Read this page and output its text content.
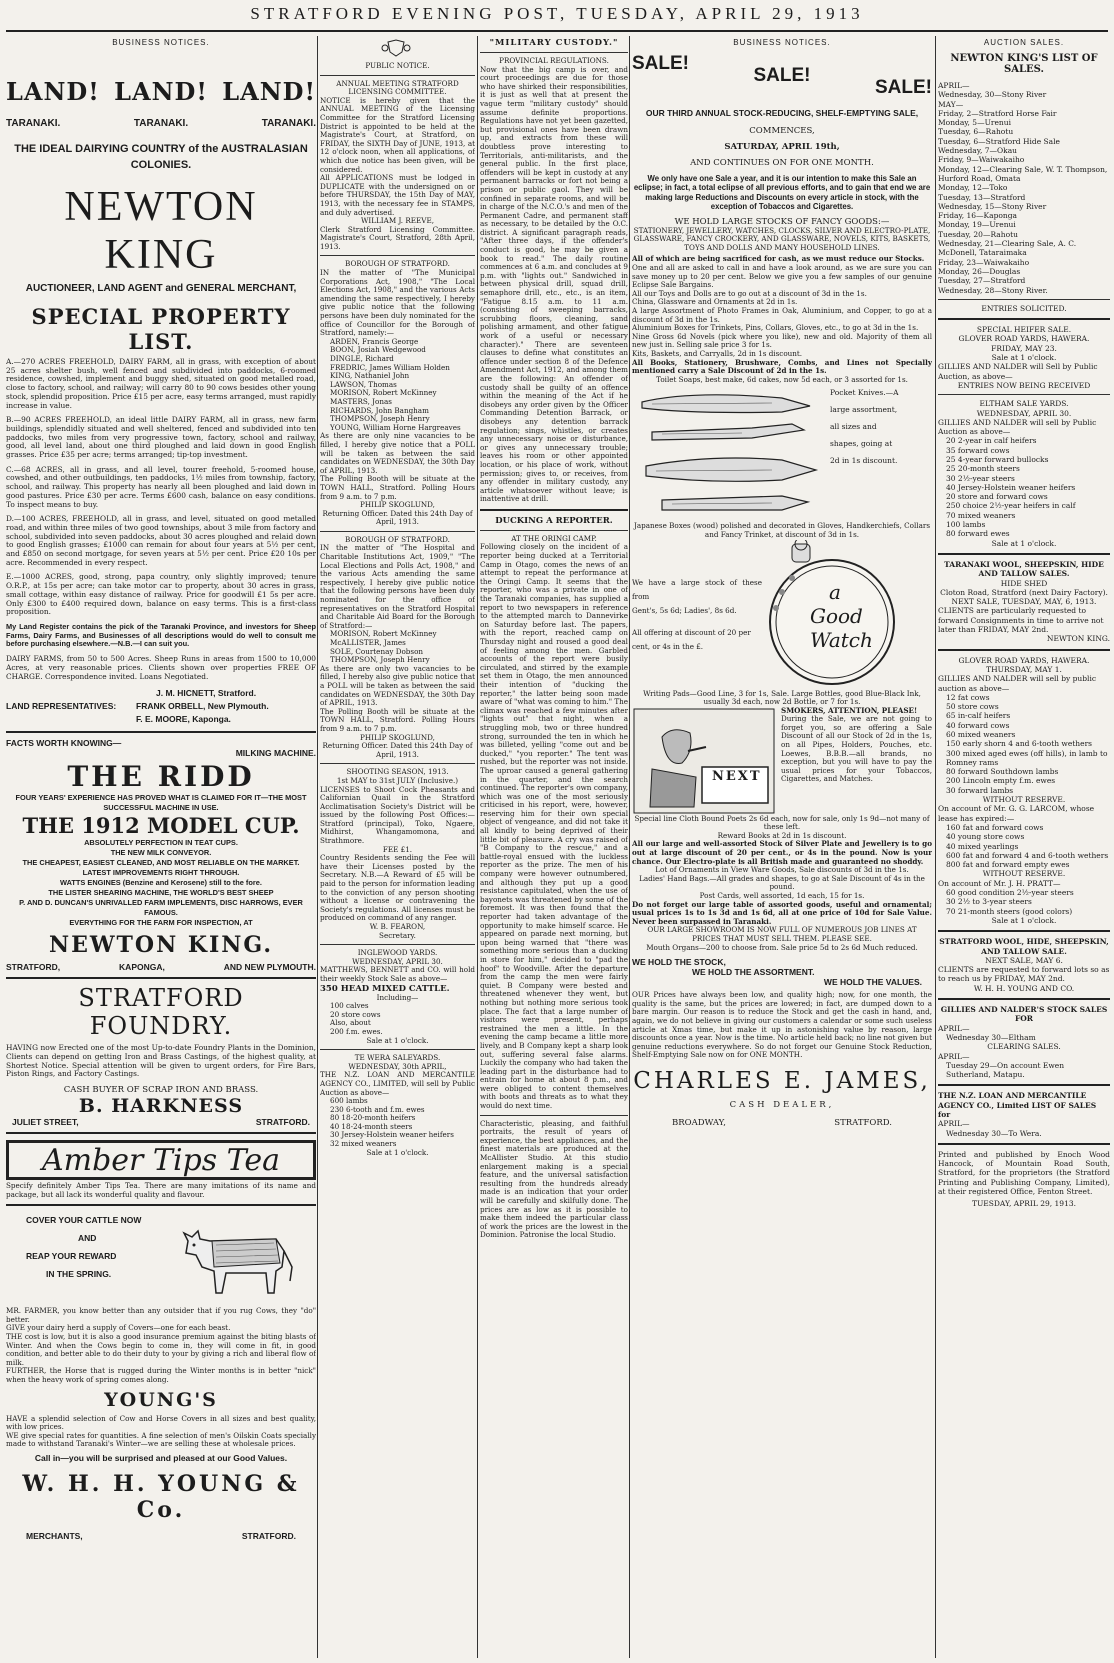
STRATFORD EVENING POST, TUESDAY, APRIL 29, 1913
BUSINESS NOTICES.
LAND! LAND! LAND!
TARANAKI.	TARANAKI.	TARANAKI.
THE IDEAL DAIRYING COUNTRY of the AUSTRALASIAN COLONIES.
NEWTON KING
AUCTIONEER, LAND AGENT and GENERAL MERCHANT,
SPECIAL PROPERTY LIST.
A.—270 ACRES FREEHOLD, DAIRY FARM, all in grass, with exception of about 25 acres shelter bush, well fenced and subdivided into paddocks, 6-roomed residence, cowshed, implement and buggy shed, situated on good metalled road, close to factory, school, and railway; will carry 80 to 90 cows besides other young stock, splendid proposition. Price £15 per acre, easy terms arranged, must rapidly increase in value.
B.—90 ACRES FREEHOLD, an ideal little DAIRY FARM, all in grass, new farm buildings, splendidly situated and well sheltered, fenced and subdivided into ten paddocks, two miles from very progressive town, factory, school and railway, good, all level land, about one third ploughed and laid down in good English grasses. Price £35 per acre; terms arranged; tip-top investment.
C.—68 ACRES, all in grass, and all level, tourer freehold, 5-roomed house, cowshed, and other outbuildings, ten paddocks, 1½ miles from township, factory, school, and railway. This property has nearly all been ploughed and laid down in good pastures. Price £30 per acre. Terms £600 cash, balance on easy conditions. To inspect means to buy.
D.—100 ACRES, FREEHOLD, all in grass, and level, situated on good metalled road, and within three miles of two good townships, about 3 mile from factory and school, subdivided into seven paddocks, about 30 acres ploughed and relaid down to good English grasses; £1000 can remain for about four years at 5½ per cent, and £850 on second mortgage, for seven years at 5½ per cent. Price £20 10s per acre. Recommended in every respect.
E.—1000 ACRES, good, strong, papa country, only slightly improved; tenure O.R.P., at 15s per acre; can take motor car to property, about 30 acres in grass, small cottage, within easy distance of railway. Price for goodwill £1 5s per acre. Only £300 to £400 required down, balance on easy terms. This is a first-class proposition.
My Land Register contains the pick of the Taranaki Province, and investors for Sheep Farms, Dairy Farms, and Businesses of all descriptions would do well to consult me before purchasing elsewhere.—N.B.—I can suit you.
DAIRY FARMS, from 50 to 500 Acres. Sheep Runs in areas from 1500 to 10,000 Acres, at very reasonable prices. Clients shown over properties FREE OF CHARGE. Correspondence invited. Loans Negotiated.
LAND REPRESENTATIVES:
J. M. HICNETT, Stratford.
FRANK ORBELL, New Plymouth.
F. E. MOORE, Kaponga.
FACTS WORTH KNOWING—
MILKING MACHINE.
THE RIDD
FOUR YEARS' EXPERIENCE HAS PROVED WHAT IS CLAIMED FOR IT—THE MOST SUCCESSFUL MACHINE IN USE.
THE 1912 MODEL CUP.
ABSOLUTELY PERFECTION IN TEAT CUPS.
THE NEW MILK CONVEYOR.
THE CHEAPEST, EASIEST CLEANED, AND MOST RELIABLE ON THE MARKET.
LATEST IMPROVEMENTS RIGHT THROUGH.
WATTS ENGINES (Benzine and Kerosene) still to the fore.
THE LISTER SHEARING MACHINE, THE WORLD'S BEST SHEEP
P. AND D. DUNCAN'S UNRIVALLED FARM IMPLEMENTS, DISC HARROWS, EVER FAMOUS.
EVERYTHING FOR THE FARM FOR INSPECTION, AT
NEWTON KING.
STRATFORD,	KAPONGA,	AND NEW PLYMOUTH.
STRATFORD FOUNDRY.
HAVING now Erected one of the most Up-to-date Foundry Plants in the Dominion, Clients can depend on getting Iron and Brass Castings, of the highest quality, at Shortest Notice. Special attention will be given to urgent orders, for Fire Bars, Piston Rings, and Factory Castings.
CASH BUYER OF SCRAP IRON AND BRASS.
B. HARKNESS
JULIET STREET,	STRATFORD.
Amber Tips Tea
Specify definitely Amber Tips Tea. There are many imitations of its name and package, but all lack its wonderful quality and flavour.
COVER YOUR CATTLE NOW
AND
REAP YOUR REWARD
IN THE SPRING.
MR. FARMER, you know better than any outsider that if you rug Cows, they "do" better.
GIVE your dairy herd a supply of Covers—one for each beast.
THE cost is low, but it is also a good insurance premium against the biting blasts of Winter. And when the Cows begin to come in, they will come in fit, in good condition, and better able to do their duty to your by giving a rich and liberal flow of milk.
FURTHER, the Horse that is rugged during the Winter months is in better "nick" when the heavy work of spring comes along.
YOUNG'S
HAVE a splendid selection of Cow and Horse Covers in all sizes and best quality, with low prices.
WE give special rates for quantities. A fine selection of men's Oilskin Coats specially made to withstand Taranaki's Winter—we are selling these at wholesale prices.
Call in—you will be surprised and pleased at our Good Values.
W. H. H. YOUNG & Co.
MERCHANTS,	STRATFORD.
PUBLIC NOTICE.
ANNUAL MEETING STRATFORD LICENSING COMMITTEE.
NOTICE is hereby given that the ANNUAL MEETING of the Licensing Committee for the Stratford Licensing District is appointed to be held at the Magistrate's Court, at Stratford, on FRIDAY, the SIXTH Day of JUNE, 1913, at 12 o'clock noon, when all applications, of which due notice has been given, will be considered.
All APPLICATIONS must be lodged in DUPLICATE with the undersigned on or before THURSDAY, the 15th Day of MAY, 1913, with the necessary fee in STAMPS, and duly advertised.
WILLIAM J. REEVE,
Clerk Stratford Licensing Committee. Magistrate's Court, Stratford, 28th April, 1913.
BOROUGH OF STRATFORD.
IN the matter of "The Municipal Corporations Act, 1908," "The Local Elections Act, 1908," and the various Acts amending the same respectively, I hereby give public notice that the following persons have been duly nominated for the office of Councillor for the Borough of Stratford, namely:—
ARDEN, Francis George
BOON, Josiah Wedgewood
DINGLE, Richard
FREDRIC, James William Holden
KING, Nathaniel John
LAWSON, Thomas
MORISON, Robert McKinney
MASTERS, Jonas
RICHARDS, John Bangham
THOMPSON, Joseph Henry
YOUNG, William Horne Hargreaves
As there are only nine vacancies to be filled, I hereby give notice that a POLL will be taken as between the said candidates on WEDNESDAY, the 30th Day of APRIL, 1913.
The Polling Booth will be situate at the TOWN HALL, Stratford. Polling Hours from 9 a.m. to 7 p.m.
PHILIP SKOGLUND,
Returning Officer. Dated this 24th Day of April, 1913.
BOROUGH OF STRATFORD.
IN the matter of "The Hospital and Charitable Institutions Act, 1909," "The Local Elections and Polls Act, 1908," and the various Acts amending the same respectively, I hereby give public notice that the following persons have been duly nominated for the office of representatives on the Stratford Hospital and Charitable Aid Board for the Borough of Stratford:—
MORISON, Robert McKinney
McALLISTER, James
SOLE, Courtenay Dobson
THOMPSON, Joseph Henry
As there are only two vacancies to be filled, I hereby also give public notice that a POLL will be taken as between the said candidates on WEDNESDAY, the 30th Day of APRIL, 1913.
The Polling Booth will be situate at the TOWN HALL, Stratford. Polling Hours from 9 a.m. to 7 p.m.
PHILIP SKOGLUND,
Returning Officer. Dated this 24th Day of April, 1913.
SHOOTING SEASON, 1913.
1st MAY to 31st JULY (Inclusive.)
LICENSES to Shoot Cock Pheasants and Californian Quail in the Stratford Acclimatisation Society's District will be issued by the following Post Offices:— Stratford (principal), Toko, Ngaere, Midhirst, Whangamomona, and Strathmore.
FEE £1.
Country Residents sending the Fee will have their Licenses posted by the Secretary. N.B.—A Reward of £5 will be paid to the person for information leading to the conviction of any person shooting without a license or contravening the Society's regulations. All licenses must be produced on command of any ranger.
W. B. FEARON,
Secretary.
INGLEWOOD YARDS.
WEDNESDAY, APRIL 30.
MATTHEWS, BENNETT and CO. will hold their weekly Stock Sale as above—
350 HEAD MIXED CATTLE.
Including—
100 calves
20 store cows
Also, about
200 f.m. ewes.
Sale at 1 o'clock.
TE WERA SALEYARDS.
WEDNESDAY, 30th APRIL,
THE N.Z. LOAN AND MERCANTILE AGENCY CO., LIMITED, will sell by Public Auction as above—
600 lambs
230 6-tooth and f.m. ewes
80 18-20-month heifers
40 18-24-month steers
30 Jersey-Holstein weaner heifers
32 mixed weaners
Sale at 1 o'clock.
"MILITARY CUSTODY."
PROVINCIAL REGULATIONS.
Now that the big camp is over, and court proceedings are due for those who have shirked their responsibilities, it is just as well that at present the vague term "military custody" should assume definite proportions. Regulations have not yet been gazetted, but provisional ones have been drawn up, and extracts from these will doubtless prove interesting to Territorials, anti-militarists, and the general public. In the first place, offenders will be kept in custody at any permanent barracks or fort not being a prison or public gaol. They will be confined in separate rooms, and will be in charge of the N.C.O.'s and men of the Permanent Cadre, and permanent staff as necessary, to be detailed by the O.C. district. A significant paragraph reads, "After three days, if the offender's conduct is good, he may be given a book to read." The daily routine commences at 6 a.m. and concludes at 9 p.m. with "lights out." Sandwiched in between physical drill, squad drill, semaphore drill, etc., etc., is an item, "Fatigue 8.15 a.m. to 11 a.m. (consisting of sweeping barracks, scrubbing floors, cleaning, sand polishing armament, and other fatigue work of a useful or necessary character)." There are seventeen clauses to define what constitutes an offence under section 8 of the Defence Amendment Act, 1912, and among them are the following: An offender of custody shall be guilty of an offence within the meaning of the Act if he disobeys any order given by the Officer Commanding Detention Barrack, or disobeys any detention barrack regulation; sings, whistles, or creates any unnecessary noise or disturbance, or gives any unnecessary trouble; leaves his room or other appointed location, or his place of work, without permission; gives to, or receives, from any offender in military custody, any article whatsoever without leave; is inattentive at drill.
DUCKING A REPORTER.
AT THE ORINGI CAMP.
Following closely on the incident of a reporter being ducked at a Territorial Camp in Otago, comes the news of an attempt to repeat the performance at the Oringi Camp. It seems that the reporter, who was a private in one of the Taranaki companies, has supplied a report to two newspapers in reference to the attempted march to Dannevirke on Saturday before last. The papers, with the report, reached camp on Thursday night and roused a good deal of feeling among the men. Garbled accounts of the report were busily circulated, and stirred by the example set them in Otago, the men announced their intention of "ducking the reporter," the latter being soon made aware of "what was coming to him." The climax was reached a few minutes after "lights out" that night, when a struggling mob, two or three hundred strong, surrounded the ten in which he was billeted, yelling "come out and be ducked," "you reporter." The tent was rushed, but the reporter was not inside. The uproar caused a general gathering in the quarter, and the search continued. The reporter's own company, which was one of the most seriously criticised in his report, were, however, reserving him for their own special object of vengeance, and did not take it all kindly to being deprived of their little bit of pleasure. A cry was raised of "B Company to the rescue," and a battle-royal ensued with the luckless reporter as the prize. The men of his company were however outnumbered, and although they put up a good resistance capitulated, when the use of bayonets was threatened by some of the foremost. It was then found that the reporter had taken advantage of the opportunity to make himself scarce. He appeared on parade next morning, but upon being warned that "there was something more serious than a ducking in store for him," decided to "pad the hoof" to Woodville. After the departure from the camp the men were fairly quiet. B Company were bested and threatened whenever they went, but nothing but nothing more serious took place. The fact that a large number of visitors were present, perhaps restrained the men a little. In the evening the camp became a little more lively, and B Company kept a sharp look out, suffering several false alarms. Luckily the company who had taken the leading part in the disturbance had to entrain for home at about 8 p.m., and were obliged to content themselves with boots and threats as to what they would do next time.
Characteristic, pleasing, and faithful portraits, the result of years of experience, the best appliances, and the finest materials are produced at the McAllister Studio. At this studio enlargement making is a special feature, and the universal satisfaction resulting from the hundreds already made is an indication that your order will be carefully and skilfully done. The prices are as low as it is possible to make them indeed the particular class of work the prices are the lowest in the Dominion. Patronise the local Studio.
BUSINESS NOTICES.
SALE!
SALE!
SALE!
OUR THIRD ANNUAL STOCK-REDUCING, SHELF-EMPTYING SALE,
COMMENCES,
SATURDAY, APRIL 19th,
AND CONTINUES ON FOR ONE MONTH.
We only have one Sale a year, and it is our intention to make this Sale an eclipse; in fact, a total eclipse of all previous efforts, and to gain that end we are making large Reductions and Discounts on every article in stock, with the exception of Tobaccos and Cigarettes.
WE HOLD LARGE STOCKS OF FANCY GOODS:—
STATIONERY, JEWELLERY, WATCHES, CLOCKS, SILVER AND ELECTRO-PLATE, GLASSWARE, FANCY CROCKERY, AND GLASSWARE, NOVELS, KITS, BASKETS, TOYS AND DOLLS AND MANY HOUSEHOLD LINES.
All of which are being sacrificed for cash, as we must reduce our Stocks.
One and all are asked to call in and have a look around, as we are sure you can save money up to 20 per cent. Below we give you a few samples of our genuine Eclipse Sale Bargains.
All our Toys and Dolls are to go out at a discount of 3d in the 1s.
China, Glassware and Ornaments at 2d in 1s.
A large Assortment of Photo Frames in Oak, Aluminium, and Copper, to go at a discount of 3d in the 1s.
Aluminium Boxes for Trinkets, Pins, Collars, Gloves, etc., to go at 3d in the 1s.
Nine Gross 6d Novels (pick where you like), new and old. Majority of them all new just in. Selling sale price 3 for 1s.
Kits, Baskets, and Carryalls, 2d in 1s discount.
All Books, Stationery, Brushware, Combs, and Lines not Specially mentioned carry a Sale Discount of 2d in the 1s.
Toilet Soaps, best make, 6d cakes, now 5d each, or 3 assorted for 1s.
Pocket Knives.—A
large assortment,
all sizes and
shapes, going at
2d in 1s discount.
Japanese Boxes (wood) polished and decorated in Gloves, Handkerchiefs, Collars and Fancy Trinket, at discount of 3d in 1s.
a
Good
Watch
We have a large stock of these from
Gent's, 5s 6d; Ladies', 8s 6d.
All offering at discount of 20 per
cent, or 4s in the £.
Writing Pads—Good Line, 3 for 1s, Sale. Large Bottles, good Blue-Black Ink, usually 3d each, now 2d Bottle, or 7 for 1s.
SMOKERS, ATTENTION, PLEASE!
During the Sale, we are not going to forget you, so are offering a Sale Discount of all our Stock of 2d in the 1s, on all Pipes, Holders, Pouches, etc. Loewes, B.B.B.—all brands, no exception, but you will have to pay the usual prices for your Tobaccos, Cigarettes, and Matches.
NEXT
Special line Cloth Bound Poets 2s 6d each, now for sale, only 1s 9d—not many of these left.
Reward Books at 2d in 1s discount.
All our large and well-assorted Stock of Silver Plate and Jewellery is to go out at large discount of 20 per cent., or 4s in the pound. Now is your chance. Our Electro-plate is all British made and guaranteed no shoddy.
Lot of Ornaments in View Ware Goods, Sale discounts of 3d in the 1s.
Ladies' Hand Bags.—All grades and shapes, to go at Sale Discount of 4s in the pound.
Post Cards, well assorted, 1d each, 15 for 1s.
Do not forget our large table of assorted goods, useful and ornamental; usual prices 1s to 1s 3d and 1s 6d, all at one price of 10d for Sale Value. Never been surpassed in Taranaki.
OUR LARGE SHOWROOM IS NOW FULL OF NUMEROUS JOB LINES AT PRICES THAT MUST SELL THEM. PLEASE SEE.
Mouth Organs—200 to choose from. Sale price 5d to 2s 6d Much reduced.
WE HOLD THE STOCK,
WE HOLD THE ASSORTMENT.
WE HOLD THE VALUES.
OUR Prices have always been low, and quality high; now, for one month, the quality is the same, but the prices are lowered; in fact, are dumped down to a bare margin. Our reason is to reduce the Stock and get the cash in hand, and, again, we do not believe in giving our customers a calendar or some such useless article at Xmas time, but make it up in astonishing value by reason, large discounts once a year. Now is the time. No article held back; no line not given but genuine reductions everywhere. So do not forget our Genuine Stock Reduction, Shelf-Emptying Sale now on for ONE MONTH.
CHARLES E. JAMES,
CASH DEALER,
BROADWAY,	STRATFORD.
AUCTION SALES.
NEWTON KING'S LIST OF SALES.
APRIL—
Wednesday, 30—Stony River
MAY—
Friday, 2—Stratford Horse Fair
Monday, 5—Urenui
Tuesday, 6—Rahotu
Tuesday, 6—Stratford Hide Sale
Wednesday, 7—Okau
Friday, 9—Waiwakaiho
Monday, 12—Clearing Sale, W. T. Thompson, Hurford Road, Omata
Monday, 12—Toko
Tuesday, 13—Stratford
Wednesday, 15—Stony River
Friday, 16—Kaponga
Monday, 19—Urenui
Tuesday, 20—Rahotu
Wednesday, 21—Clearing Sale, A. C. McDonell, Tataraimaka
Friday, 23—Waiwakaiho
Monday, 26—Douglas
Tuesday, 27—Stratford
Wednesday, 28—Stony River.
ENTRIES SOLICITED.
SPECIAL HEIFER SALE.
GLOVER ROAD YARDS, HAWERA.
FRIDAY, MAY 23.
Sale at 1 o'clock.
GILLIES AND NALDER will Sell by Public Auction, as above—
ENTRIES NOW BEING RECEIVED
ELTHAM SALE YARDS.
WEDNESDAY, APRIL 30.
GILLIES AND NALDER will sell by Public Auction as above—
20 2-year in calf heifers
35 forward cows
25 4-year forward bullocks
25 20-month steers
30 2½-year steers
40 Jersey-Holstein weaner heifers
20 store and forward cows
250 choice 2½-year heifers in calf
70 mixed weaners
100 lambs
80 forward ewes
Sale at 1 o'clock.
TARANAKI WOOL, SHEEPSKIN, HIDE AND TALLOW SALES.
HIDE SHED
Cloton Road, Stratford (next Dairy Factory).
NEXT SALE, TUESDAY, MAY, 6, 1913.
CLIENTS are particularly requested to forward Consignments in time to arrive not later than FRIDAY, MAY 2nd.
NEWTON KING.
GLOVER ROAD YARDS, HAWERA.
THURSDAY, MAY 1.
GILLIES AND NALDER will sell by public auction as above—
12 fat cows
50 store cows
65 in-calf heifers
40 forward cows
60 mixed weaners
150 early shorn 4 and 6-tooth wethers
300 mixed aged ewes (off hills), in lamb to Romney rams
80 forward Southdown lambs
200 Lincoln empty f.m. ewes
30 forward lambs
WITHOUT RESERVE.
On account of Mr. G. G. LARCOM, whose lease has expired:—
160 fat and forward cows
40 young store cows
40 mixed yearlings
600 fat and forward 4 and 6-tooth wethers
800 fat and forward empty ewes
WITHOUT RESERVE.
On account of Mr. J. H. PRATT—
60 good condition 2½-year steers
30 2½ to 3-year steers
70 21-month steers (good colors)
Sale at 1 o'clock.
STRATFORD WOOL, HIDE, SHEEPSKIN, AND TALLOW SALE.
NEXT SALE, MAY 6.
CLIENTS are requested to forward lots so as to reach us by FRIDAY, MAY 2nd.
W. H. H. YOUNG AND CO.
GILLIES AND NALDER'S STOCK SALES FOR
APRIL—
Wednesday 30—Eltham
CLEARING SALES.
APRIL—
Tuesday 29—On account Ewen Sutherland, Matapu.
THE N.Z. LOAN AND MERCANTILE AGENCY CO., Limited LIST OF SALES for
APRIL—
Wednesday 30—To Wera.
Printed and published by Enoch Wood Hancock, of Mountain Road South, Stratford, for the proprietors (the Stratford Printing and Publishing Company, Limited), at their registered Office, Fenton Street.
TUESDAY, APRIL 29, 1913.
